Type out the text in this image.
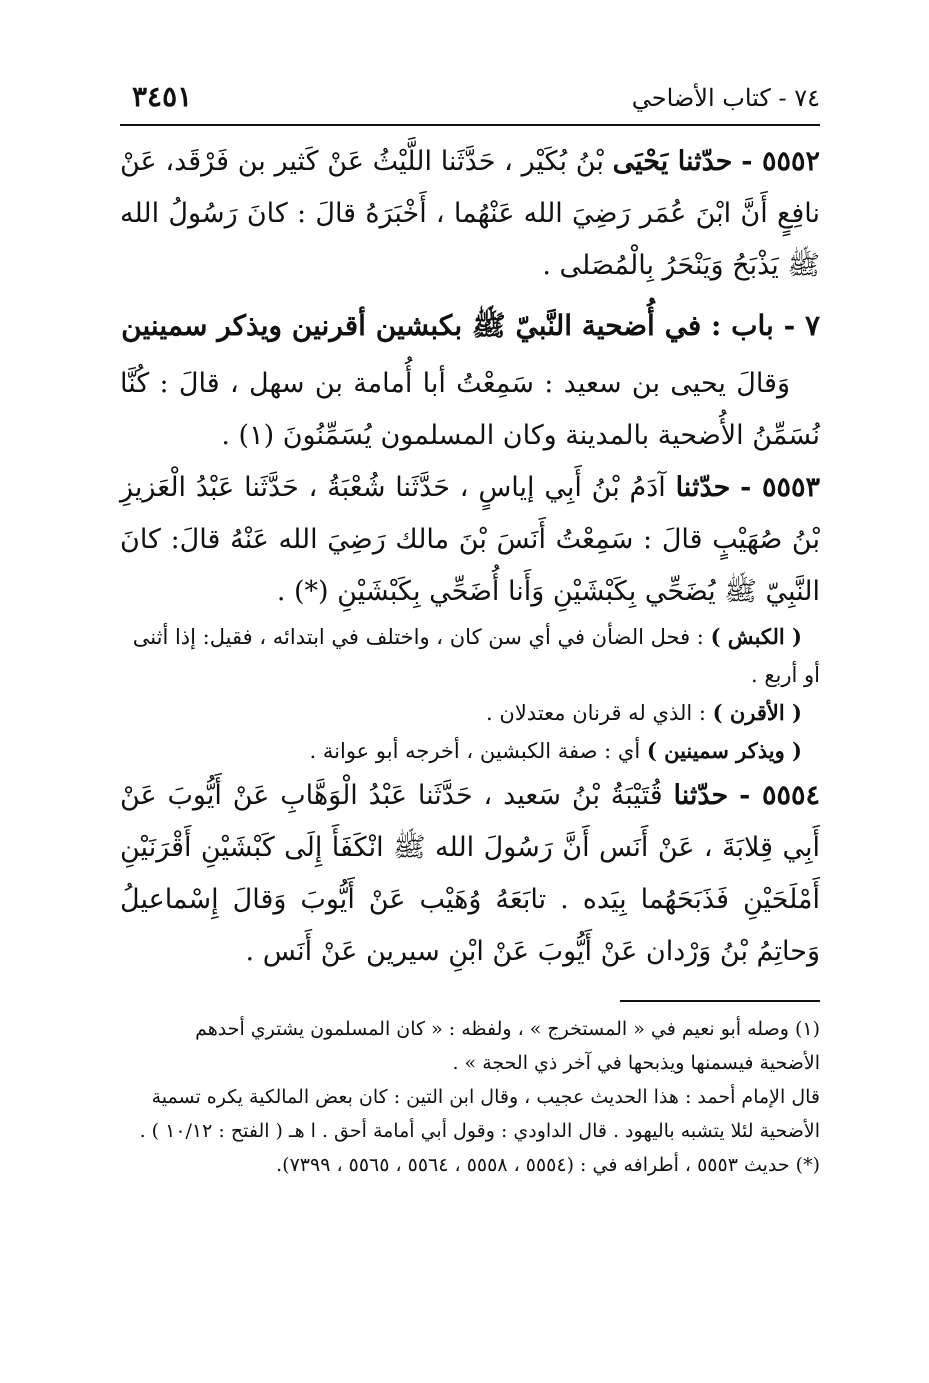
٧٤ - كتاب الأضاحي
٣٤٥١

٥٥٥٢ - حدّثنا يَحْيَى بْنُ بُكَيْر ، حَدَّثَنا اللَّيْثُ عَنْ كَثير بن فَرْقَد، عَنْ نافِعٍ أَنَّ ابْنَ عُمَر رَضِيَ الله عَنْهُما ، أَخْبَرَهُ قالَ : كانَ رَسُولُ الله ﷺ يَذْبَحُ وَيَنْحَرُ بِالْمُصَلى .

٧ - باب : في أُضحية النَّبيّ ﷺ بكبشين أقرنين ويذكر سمينين

وَقالَ يحيى بن سعيد : سَمِعْتُ أبا أُمامة بن سهل ، قالَ : كُنَّا نُسَمِّنُ الأُضحية بالمدينة وكان المسلمون يُسَمِّنُونَ (١) .

٥٥٥٣ - حدّثنا آدَمُ بْنُ أَبِي إياسٍ ، حَدَّثَنا شُعْبَةُ ، حَدَّثَنا عَبْدُ الْعَزيزِ بْنُ صُهَيْبٍ قالَ : سَمِعْتُ أَنَسَ بْنَ مالك رَضِيَ الله عَنْهُ قالَ: كانَ النَّبِيّ ﷺ يُضَحِّي بِكَبْشَيْنِ وَأَنا أُضَحِّي بِكَبْشَيْنِ (*) .

( الكبش ) : فحل الضأن في أي سن كان ، واختلف في ابتدائه ، فقيل: إذا أثنى أو أربع .

( الأقرن ) : الذي له قرنان معتدلان .

( ويذكر سمينين ) أي : صفة الكبشين ، أخرجه أبو عوانة .

٥٥٥٤ - حدّثنا قُتَيْبَةُ بْنُ سَعيد ، حَدَّثَنا عَبْدُ الْوَهَّابِ عَنْ أَيُّوبَ عَنْ أَبِي قِلابَةَ ، عَنْ أَنَس أَنَّ رَسُولَ الله ﷺ انْكَفَأَ إِلَى كَبْشَيْنِ أَقْرَنَيْنِ أَمْلَحَيْنِ فَذَبَحَهُما بِيَده . تابَعَهُ وُهَيْب عَنْ أَيُّوبَ وَقالَ إِسْماعيلُ وَحاتِمُ بْنُ وَرْدان عَنْ أَيُّوبَ عَنْ ابْنِ سيرين عَنْ أَنَس .

(١) وصله أبو نعيم في « المستخرج » ، ولفظه : « كان المسلمون يشتري أحدهم

الأضحية فيسمنها ويذبحها في آخر ذي الحجة » .

قال الإمام أحمد : هذا الحديث عجيب ، وقال ابن التين : كان بعض المالكية يكره تسمية الأضحية لئلا يتشبه باليهود . قال الداودي : وقول أبي أمامة أحق . ا هـ ( الفتح : ١٠/١٢ ) .

(*) حديث ٥٥٥٣ ، أطرافه في : (٥٥٥٤ ، ٥٥٥٨ ، ٥٥٦٤ ، ٥٥٦٥ ، ٧٣٩٩).
